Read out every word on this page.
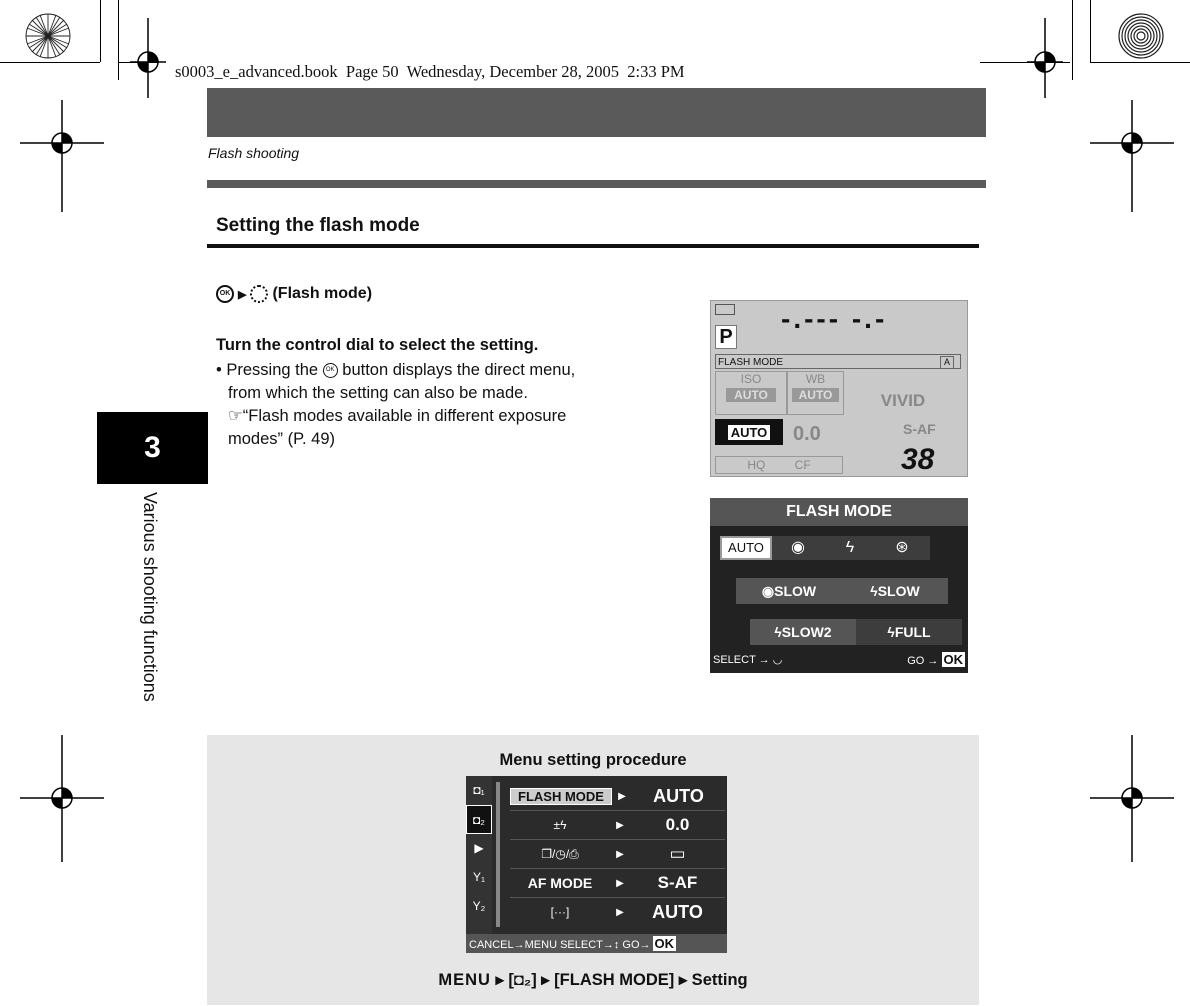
s0003_e_advanced.book  Page 50  Wednesday, December 28, 2005  2:33 PM
Flash shooting
Setting the flash mode
OK ▶ (Flash mode)
Turn the control dial to select the setting.
• Pressing the OK button displays the direct menu,
from which the setting can also be made.
☞“Flash modes available in different exposure
modes” (P. 49)
3
Various shooting functions
-.--- -.-
P
FLASH MODE	A
ISO
AUTO
WB
AUTO	VIVID
AUTO 0.0	S-AF
HQ CF	38
FLASH MODE
AUTO	◉	ϟ	⊛
◉SLOW	ϟSLOW
ϟSLOW2	ϟFULL
SELECT → ◡	GO → OK
Menu setting procedure
◘₁
◘₂
▶
Υ₁
Υ₂
FLASH MODE	▶	AUTO
±ϟ	▶	0.0
❐/◷/⎙	▶	▭
AF MODE	▶	S-AF
[···]	▶	AUTO
CANCEL→MENU SELECT→↕ GO→ OK
MENU ▸ [◘₂] ▸ [FLASH MODE] ▸ Setting
